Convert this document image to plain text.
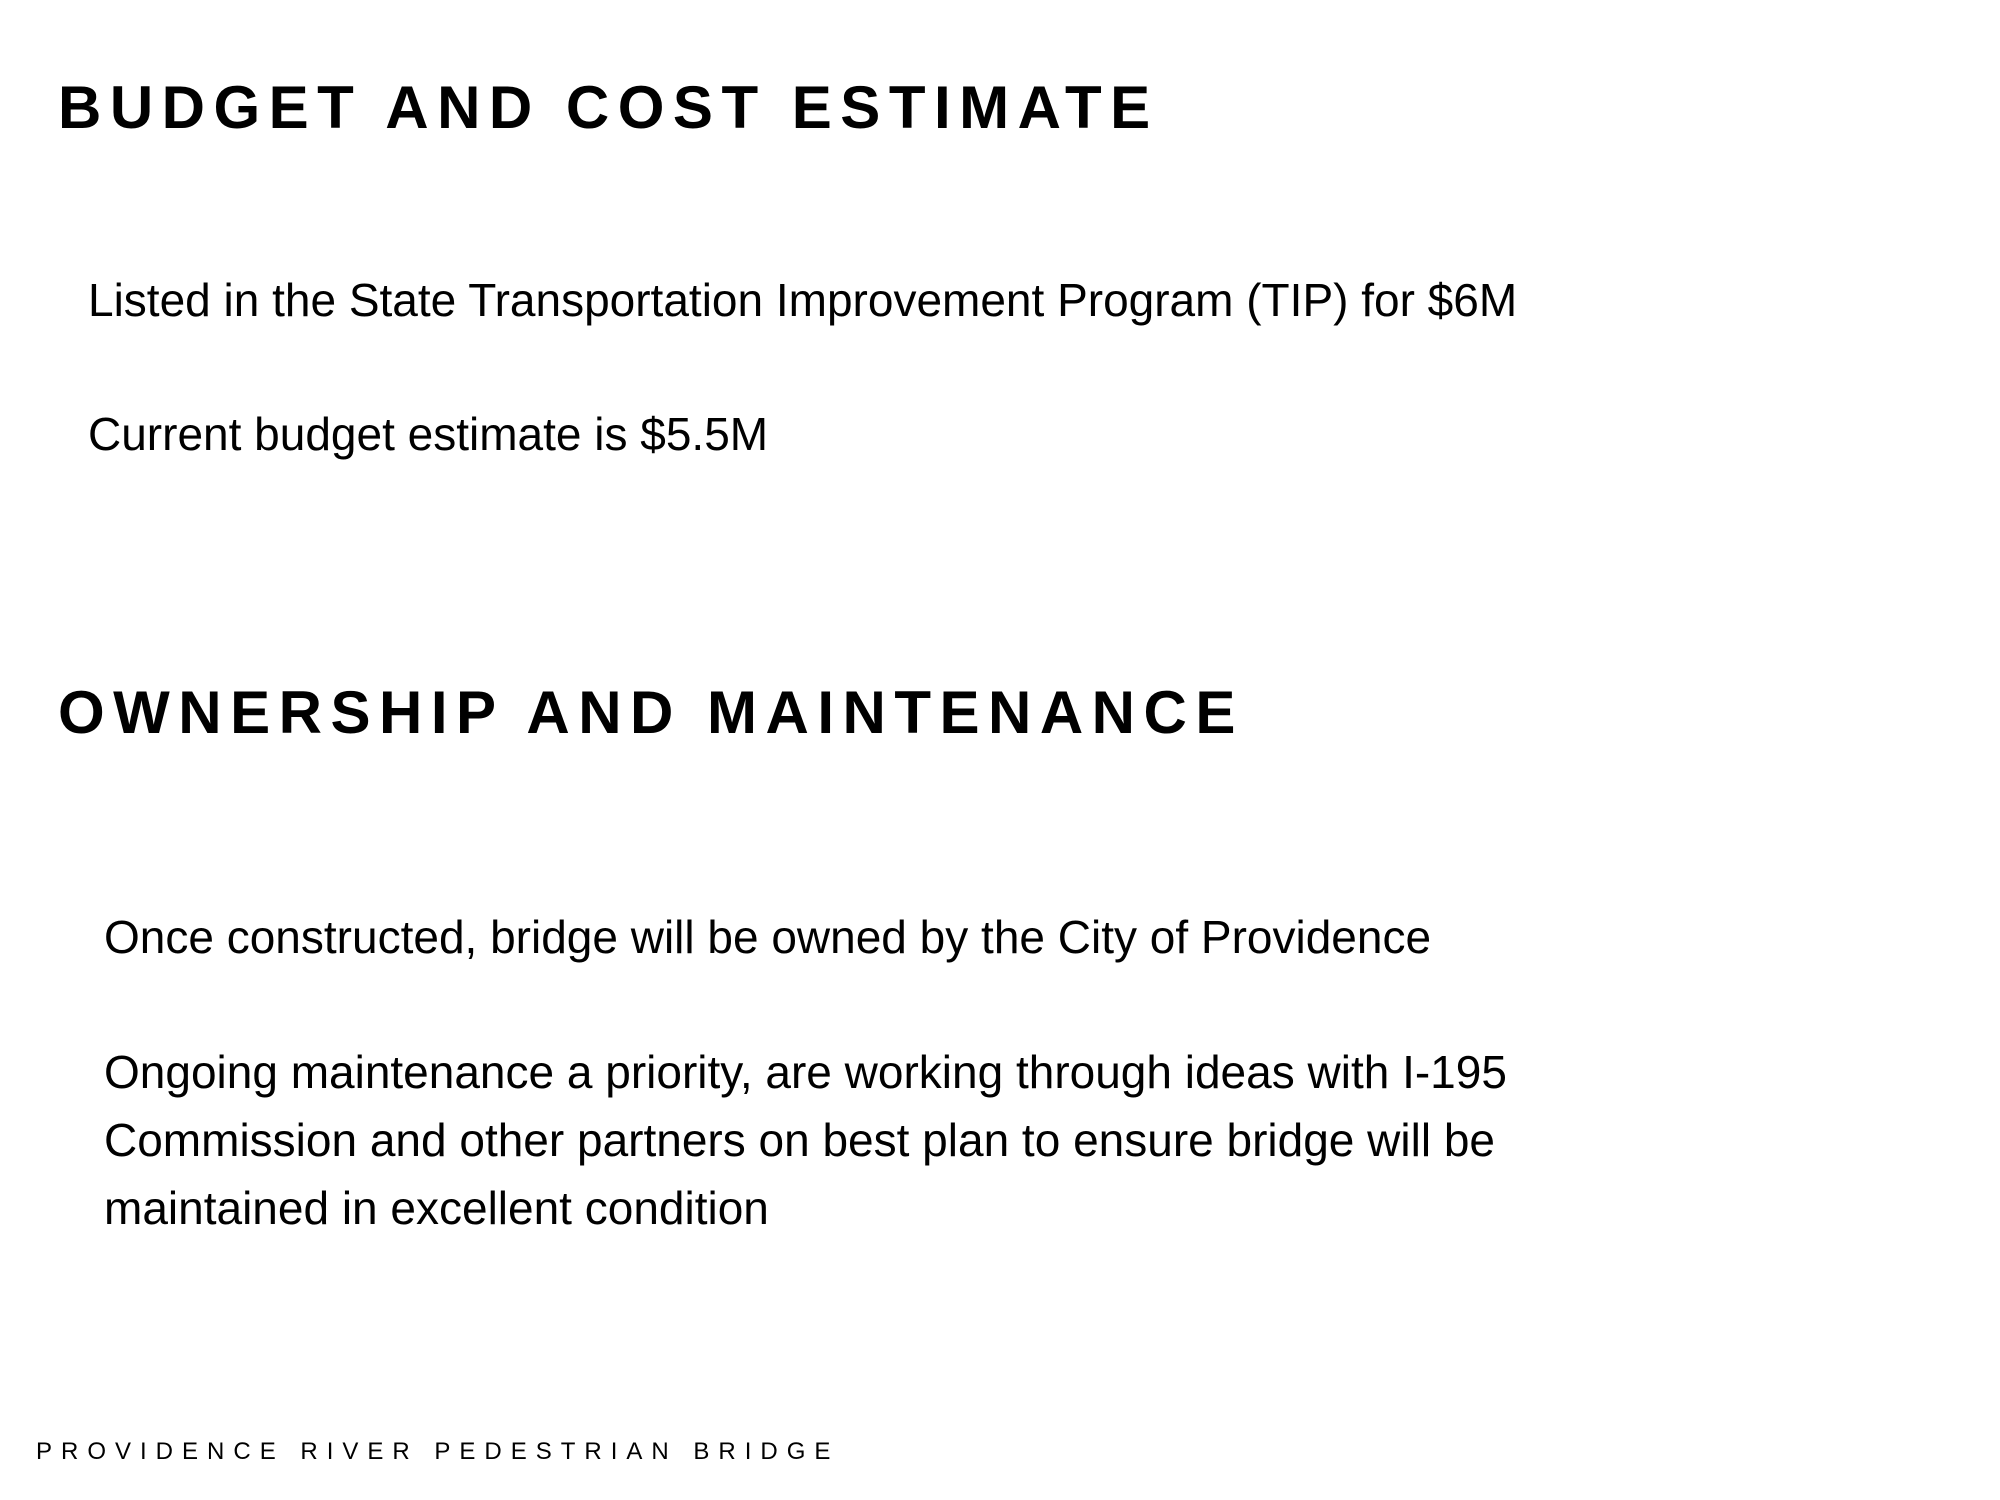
BUDGET AND COST ESTIMATE

Listed in the State Transportation Improvement Program (TIP) for $6M

Current budget estimate is $5.5M

OWNERSHIP AND MAINTENANCE

Once constructed, bridge will be owned by the City of Providence

Ongoing maintenance a priority, are working through ideas with I-195
Commission and other partners on best plan to ensure bridge will be
maintained in excellent condition

PROVIDENCE RIVER PEDESTRIAN BRIDGE
